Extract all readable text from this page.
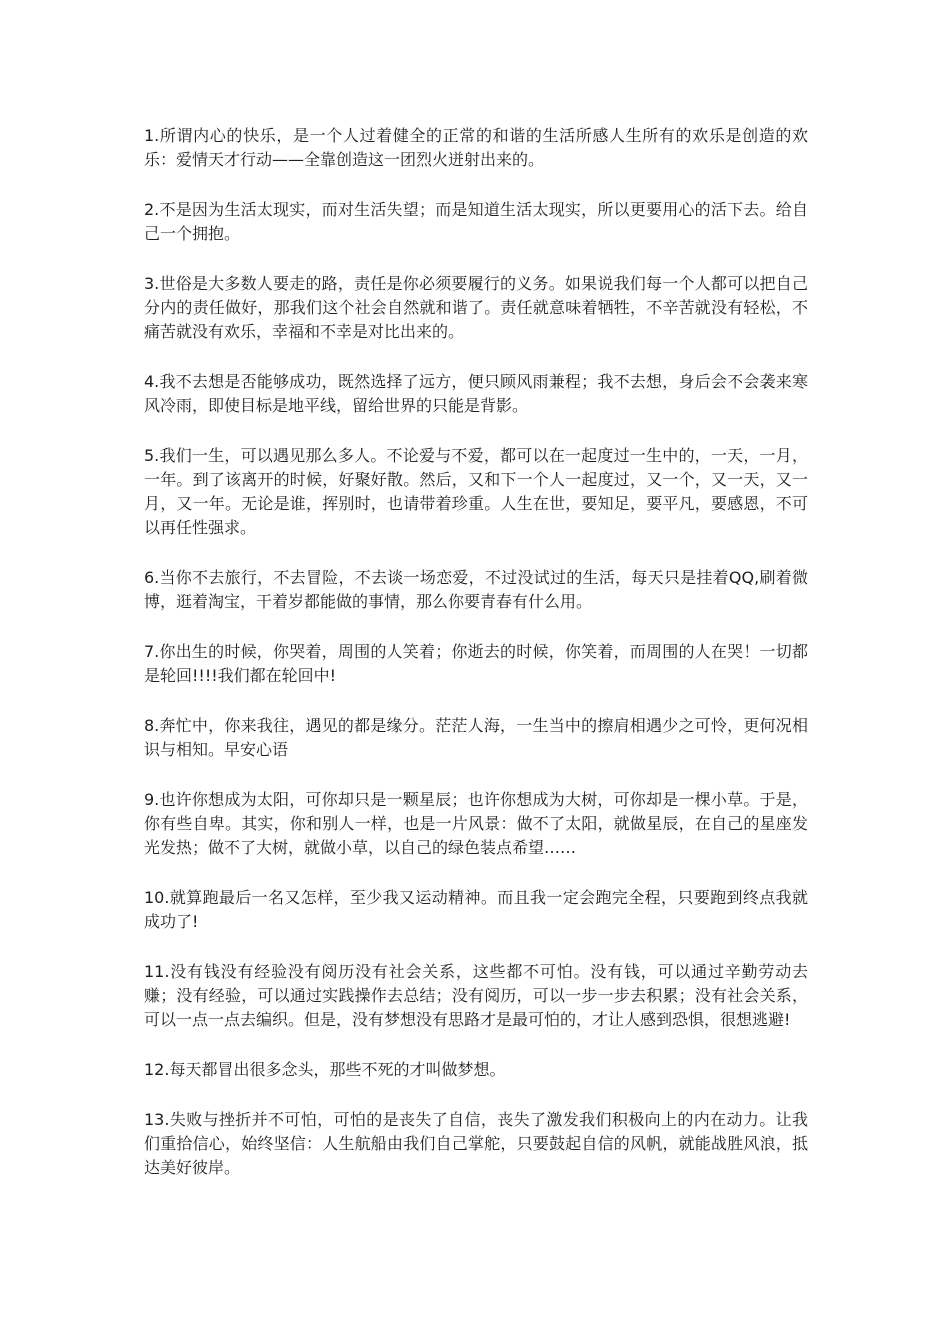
1.所谓内心的快乐，是一个人过着健全的正常的和谐的生活所感人生所有的欢乐是创造的欢乐：爱情天才行动——全靠创造这一团烈火迸射出来的。

2.不是因为生活太现实，而对生活失望；而是知道生活太现实，所以更要用心的活下去。给自己一个拥抱。

3.世俗是大多数人要走的路，责任是你必须要履行的义务。如果说我们每一个人都可以把自己分内的责任做好，那我们这个社会自然就和谐了。责任就意味着牺牲，不辛苦就没有轻松，不痛苦就没有欢乐，幸福和不幸是对比出来的。

4.我不去想是否能够成功，既然选择了远方，便只顾风雨兼程；我不去想，身后会不会袭来寒风冷雨，即使目标是地平线，留给世界的只能是背影。

5.我们一生，可以遇见那么多人。不论爱与不爱，都可以在一起度过一生中的，一天，一月，一年。到了该离开的时候，好聚好散。然后，又和下一个人一起度过，又一个，又一天，又一月，又一年。无论是谁，挥别时，也请带着珍重。人生在世，要知足，要平凡，要感恩，不可以再任性强求。

6.当你不去旅行，不去冒险，不去谈一场恋爱，不过没试过的生活，每天只是挂着QQ,刷着微博，逛着淘宝，干着岁都能做的事情，那么你要青春有什么用。

7.你出生的时候，你哭着，周围的人笑着；你逝去的时候，你笑着，而周围的人在哭！一切都是轮回!!!!我们都在轮回中!

8.奔忙中，你来我往，遇见的都是缘分。茫茫人海，一生当中的擦肩相遇少之可怜，更何况相识与相知。早安心语

9.也许你想成为太阳，可你却只是一颗星辰；也许你想成为大树，可你却是一棵小草。于是，你有些自卑。其实，你和别人一样，也是一片风景：做不了太阳，就做星辰，在自己的星座发光发热；做不了大树，就做小草，以自己的绿色装点希望……

10.就算跑最后一名又怎样，至少我又运动精神。而且我一定会跑完全程，只要跑到终点我就成功了!

11.没有钱没有经验没有阅历没有社会关系，这些都不可怕。没有钱，可以通过辛勤劳动去赚；没有经验，可以通过实践操作去总结；没有阅历，可以一步一步去积累；没有社会关系，可以一点一点去编织。但是，没有梦想没有思路才是最可怕的，才让人感到恐惧，很想逃避!

12.每天都冒出很多念头，那些不死的才叫做梦想。

13.失败与挫折并不可怕，可怕的是丧失了自信，丧失了激发我们积极向上的内在动力。让我们重拾信心，始终坚信：人生航船由我们自己掌舵，只要鼓起自信的风帆，就能战胜风浪，抵达美好彼岸。
